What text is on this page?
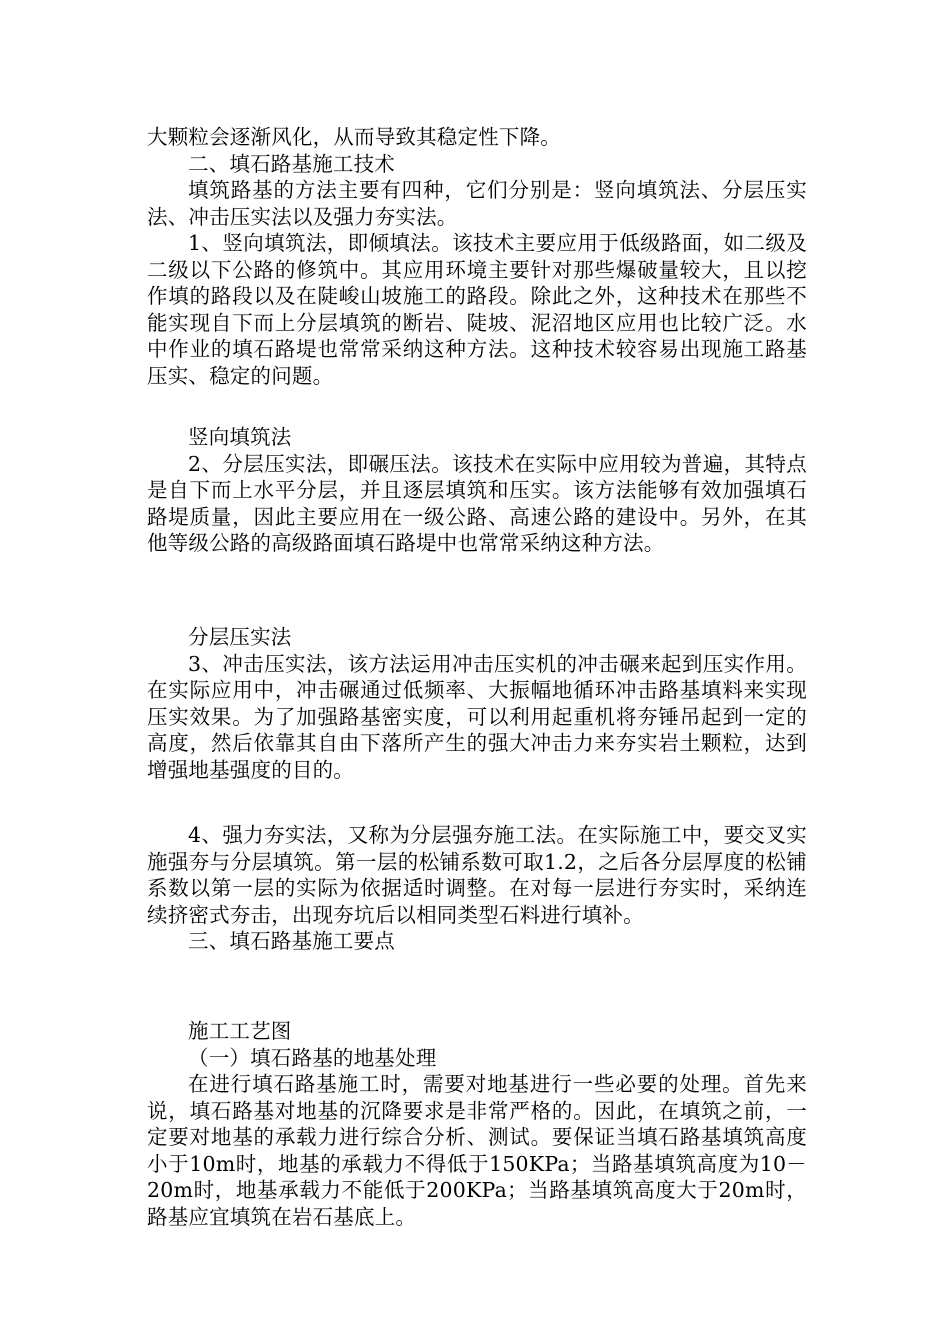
大颗粒会逐渐风化，从而导致其稳定性下降。

二、填石路基施工技术

填筑路基的方法主要有四种，它们分别是：竖向填筑法、分层压实法、冲击压实法以及强力夯实法。

1、竖向填筑法，即倾填法。该技术主要应用于低级路面，如二级及二级以下公路的修筑中。其应用环境主要针对那些爆破量较大，且以挖作填的路段以及在陡峻山坡施工的路段。除此之外，这种技术在那些不能实现自下而上分层填筑的断岩、陡坡、泥沼地区应用也比较广泛。水中作业的填石路堤也常常采纳这种方法。这种技术较容易出现施工路基压实、稳定的问题。

竖向填筑法

2、分层压实法，即碾压法。该技术在实际中应用较为普遍，其特点是自下而上水平分层，并且逐层填筑和压实。该方法能够有效加强填石路堤质量，因此主要应用在一级公路、高速公路的建设中。另外，在其他等级公路的高级路面填石路堤中也常常采纳这种方法。

分层压实法

3、冲击压实法，该方法运用冲击压实机的冲击碾来起到压实作用。在实际应用中，冲击碾通过低频率、大振幅地循环冲击路基填料来实现压实效果。为了加强路基密实度，可以利用起重机将夯锤吊起到一定的高度，然后依靠其自由下落所产生的强大冲击力来夯实岩土颗粒，达到增强地基强度的目的。

4、强力夯实法，又称为分层强夯施工法。在实际施工中，要交叉实施强夯与分层填筑。第一层的松铺系数可取1.2，之后各分层厚度的松铺系数以第一层的实际为依据适时调整。在对每一层进行夯实时，采纳连续挤密式夯击，出现夯坑后以相同类型石料进行填补。

三、填石路基施工要点

施工工艺图

（一）填石路基的地基处理

在进行填石路基施工时，需要对地基进行一些必要的处理。首先来说，填石路基对地基的沉降要求是非常严格的。因此，在填筑之前，一定要对地基的承载力进行综合分析、测试。要保证当填石路基填筑高度小于10m时，地基的承载力不得低于150KPa；当路基填筑高度为10－20m时，地基承载力不能低于200KPa；当路基填筑高度大于20m时，路基应宜填筑在岩石基底上。
